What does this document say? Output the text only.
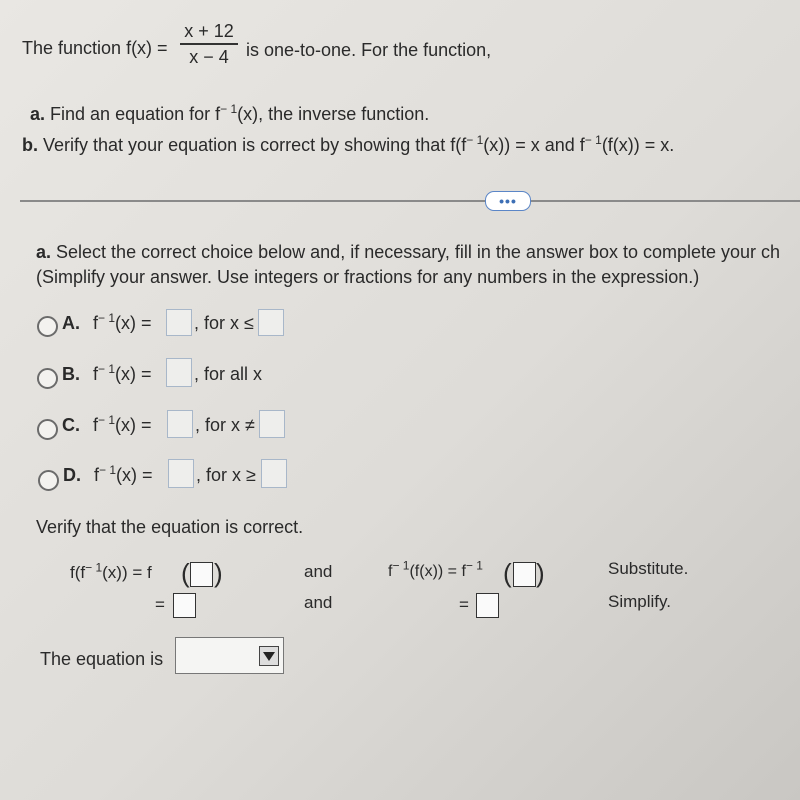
The function f(x) =
x + 12
x − 4 is one-to-one. For the function,
a. Find an equation for $f^{- 1}(x)$, the inverse function.
b. Verify that your equation is correct by showing that $f(f^{- 1}(x)) = x$ and $f^{- 1}(f(x)) = x$.
•••
a. Select the correct choice below and, if necessary, fill in the answer box to complete your ch
(Simplify your answer. Use integers or fractions for any numbers in the expression.)
A. $f^{- 1}(x)$ = , for x ≤
B. $f^{- 1}(x)$ = , for all x
C. $f^{- 1}(x)$ = , for x ≠
D. $f^{- 1}(x)$ = , for x ≥
Verify that the equation is correct.
$f(f^{- 1}(x)) = f$ ( )
=
and
and
$f^{- 1}(f(x)) = f^{- 1}$ ( )
=
Substitute.
Simplify.
The equation is
